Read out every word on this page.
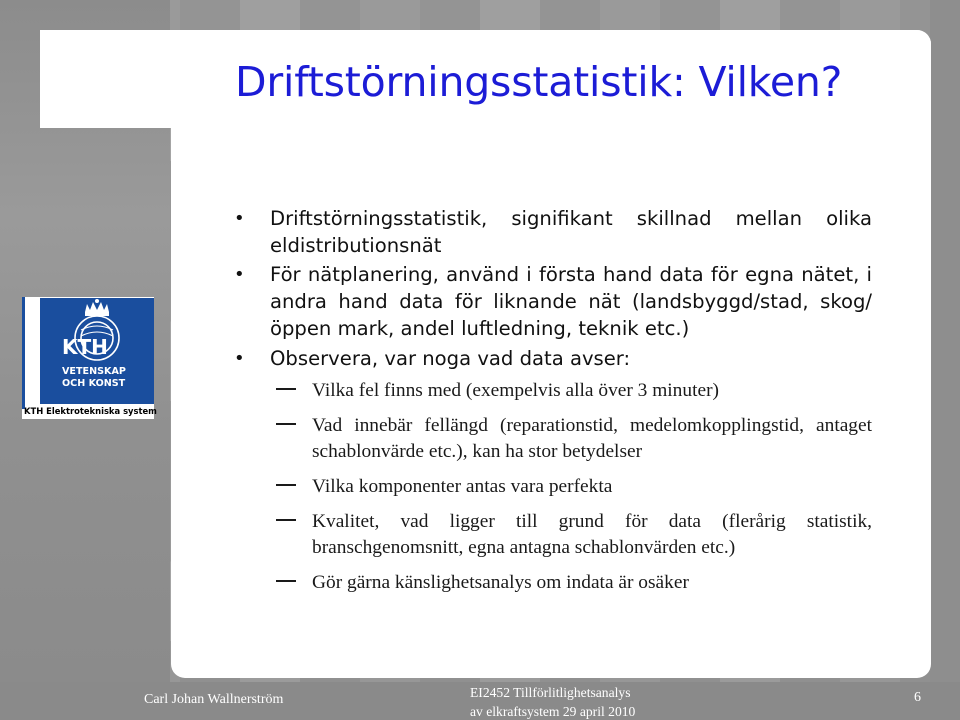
Driftstörningsstatistik: Vilken?
KTH
VETENSKAP
OCH KONST
KTH Elektrotekniska system
• Driftstörningsstatistik, signifikant skillnad mellan olika eldistributionsnät
• För nätplanering, använd i första hand data för egna nätet, i andra hand data för liknande nät (landsbyggd/stad, skog/öppen mark, andel luftledning, teknik etc.)
• Observera, var noga vad data avser:
Vilka fel finns med (exempelvis alla över 3 minuter)
Vad innebär fellängd (reparationstid, medelomkopplingstid, antaget schablonvärde etc.), kan ha stor betydelser
Vilka komponenter antas vara perfekta
Kvalitet, vad ligger till grund för data (flerårig statistik, branschgenomsnitt, egna antagna schablonvärden etc.)
Gör gärna känslighetsanalys om indata är osäker
Carl Johan Wallnerström	EI2452 Tillförlitlighetsanalys
av elkraftsystem 29 april 2010
6
